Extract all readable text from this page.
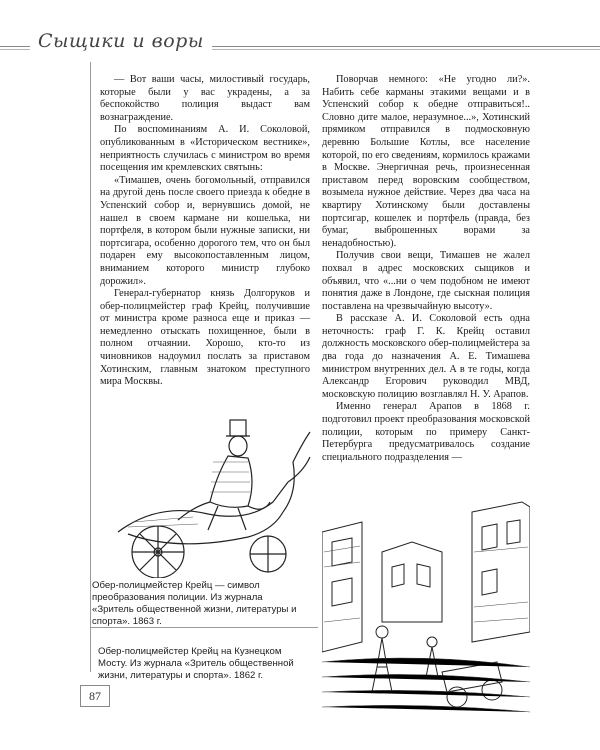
Сыщики и воры

— Вот ваши часы, милостивый государь, которые были у вас украдены, а за беспокойство полиция выдаст вам вознаграждение.

По воспоминаниям А. И. Соколовой, опубликованным в «Историческом вестнике», неприятность случилась с министром во время посещения им кремлевских святынь:

«Тимашев, очень богомольный, отправился на другой день после своего приезда к обедне в Успенский собор и, вернувшись домой, не нашел в своем кармане ни кошелька, ни портфеля, в котором были нужные записки, ни портсигара, особенно дорогого тем, что он был подарен ему высокопоставленным лицом, вниманием которого министр глубоко дорожил».

Генерал-губернатор князь Долгоруков и обер-полицмейстер граф Крейц, получившие от министра кроме разноса еще и приказ — немедленно отыскать похищенное, были в полном отчаянии. Хорошо, кто-то из чиновников надоумил послать за приставом Хотинским, главным знатоком преступного мира Москвы.

Поворчав немного: «Не угодно ли?». Набить себе карманы этакими вещами и в Успенский собор к обедне отправиться!.. Словно дите малое, неразумное...», Хотинский прямиком отправился в подмосковную деревню Большие Котлы, все население которой, по его сведениям, кормилось кражами в Москве. Энергичная речь, произнесенная приставом перед воровским сообществом, возымела нужное действие. Через два часа на квартиру Хотинскому были доставлены портсигар, кошелек и портфель (правда, без бумаг, выброшенных ворами за ненадобностью).

Получив свои вещи, Тимашев не жалел похвал в адрес московских сыщиков и объявил, что «...ни о чем подобном не имеют понятия даже в Лондоне, где сыскная полиция поставлена на чрезвычайную высоту».

В рассказе А. И. Соколовой есть одна неточность: граф Г. К. Крейц оставил должность московского обер-полицмейстера за два года до назначения А. Е. Тимашева министром внутренних дел. А в те годы, когда Александр Егорович руководил МВД, московскую полицию возглавлял Н. У. Арапов.

Именно генерал Арапов в 1868 г. подготовил проект преобразования московской полиции, которым по примеру Санкт-Петербурга предусматривалось создание специального подразделения —

Обер-полицмейстер Крейц — символ преобразования полиции. Из журнала «Зритель общественной жизни, литературы и спорта». 1863 г.
Обер-полицмейстер Крейц на Кузнецком Мосту. Из журнала «Зритель общественной жизни, литературы и спорта». 1862 г.
87
